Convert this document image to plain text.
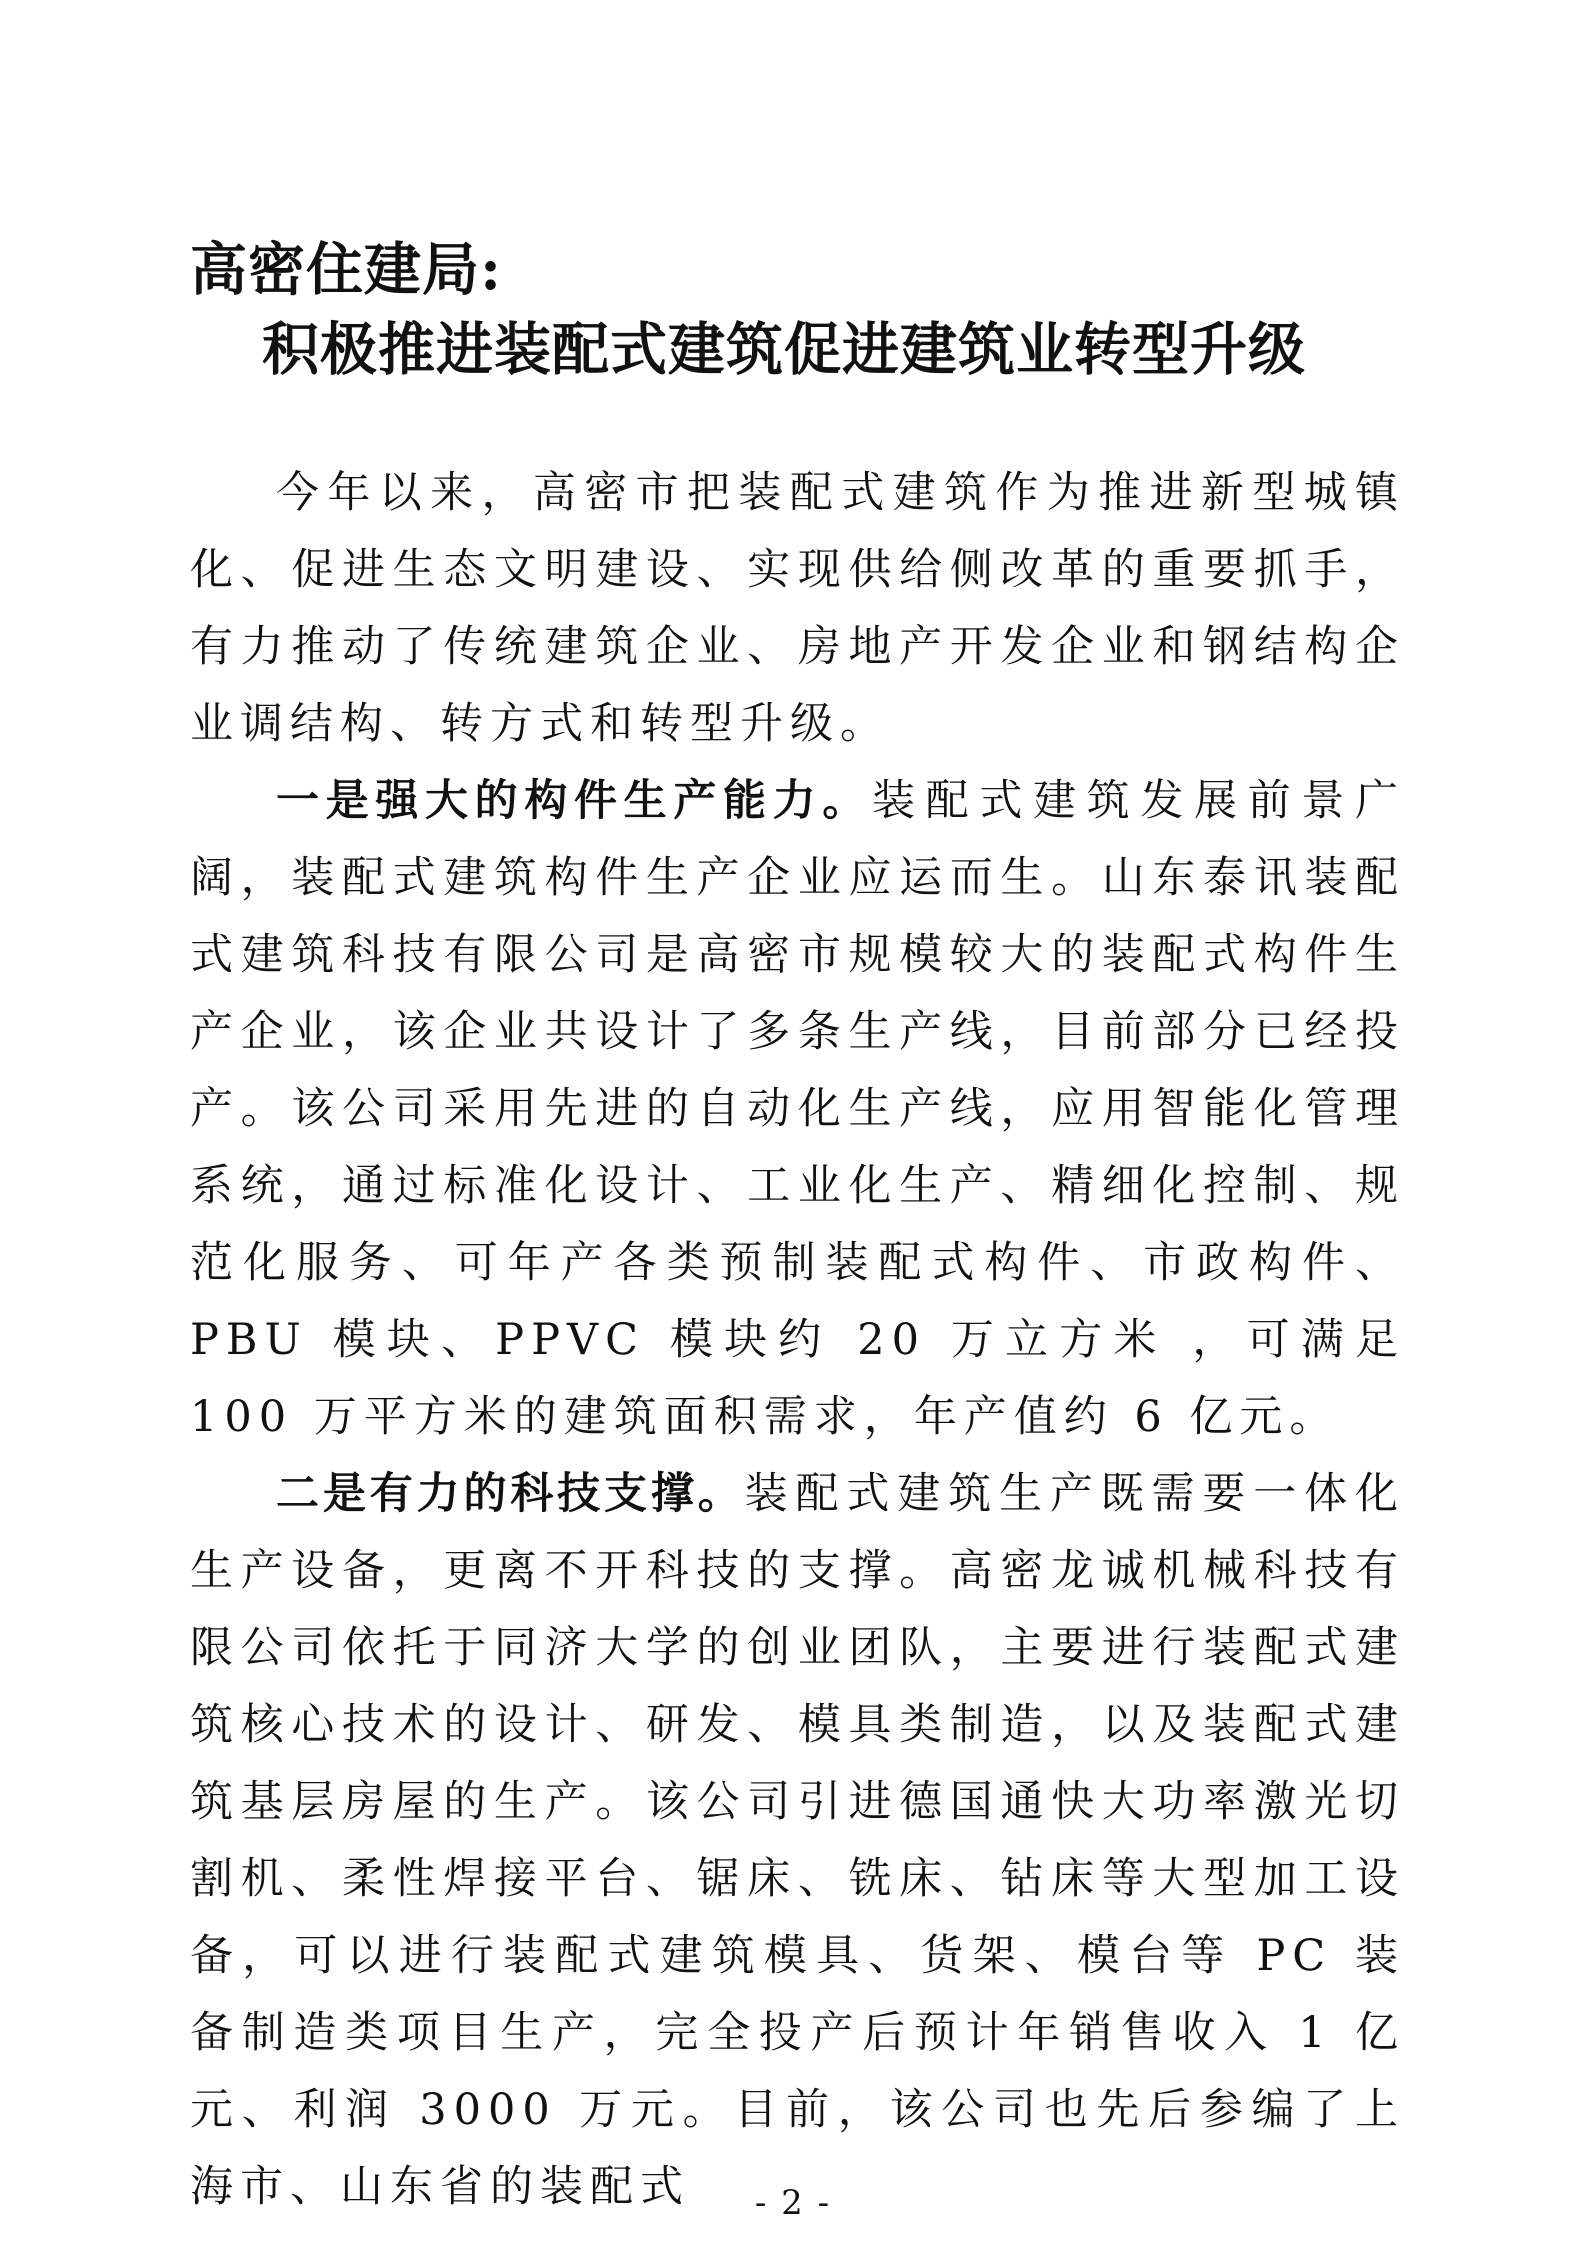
高密住建局:
积极推进装配式建筑促进建筑业转型升级

今年以来，高密市把装配式建筑作为推进新型城镇化、促进生态文明建设、实现供给侧改革的重要抓手，有力推动了传统建筑企业、房地产开发企业和钢结构企业调结构、转方式和转型升级。

一是强大的构件生产能力。装配式建筑发展前景广阔，装配式建筑构件生产企业应运而生。山东泰讯装配式建筑科技有限公司是高密市规模较大的装配式构件生产企业，该企业共设计了多条生产线，目前部分已经投产。该公司采用先进的自动化生产线，应用智能化管理系统，通过标准化设计、工业化生产、精细化控制、规范化服务、可年产各类预制装配式构件、市政构件、PBU 模块、PPVC 模块约 20 万立方米 ，可满足 100 万平方米的建筑面积需求，年产值约 6 亿元。

二是有力的科技支撑。装配式建筑生产既需要一体化生产设备，更离不开科技的支撑。高密龙诚机械科技有限公司依托于同济大学的创业团队，主要进行装配式建筑核心技术的设计、研发、模具类制造，以及装配式建筑基层房屋的生产。该公司引进德国通快大功率激光切割机、柔性焊接平台、锯床、铣床、钻床等大型加工设备，可以进行装配式建筑模具、货架、模台等 PC 装备制造类项目生产，完全投产后预计年销售收入 1 亿元、利润 3000 万元。目前，该公司也先后参编了上海市、山东省的装配式	- 2 -
